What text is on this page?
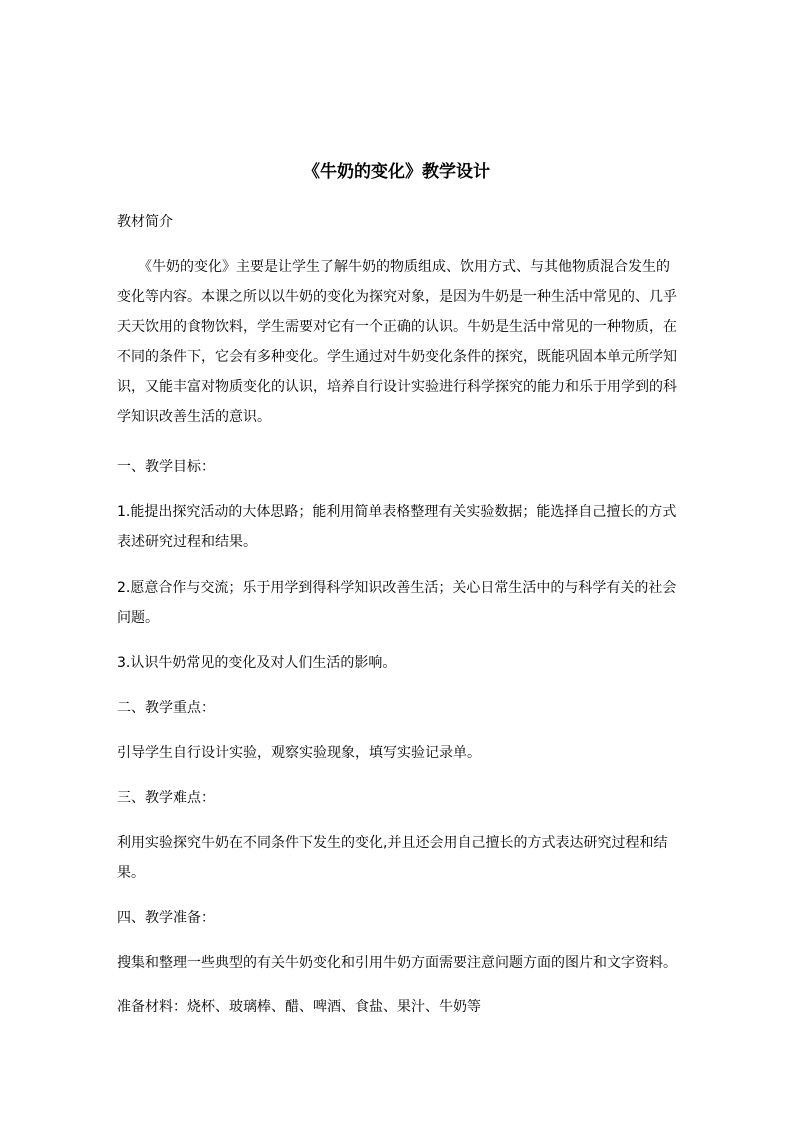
《牛奶的变化》教学设计

教材简介

　　《牛奶的变化》主要是让学生了解牛奶的物质组成、饮用方式、与其他物质混合发生的
变化等内容。本课之所以以牛奶的变化为探究对象，是因为牛奶是一种生活中常见的、几乎
天天饮用的食物饮料，学生需要对它有一个正确的认识。牛奶是生活中常见的一种物质，在
不同的条件下，它会有多种变化。学生通过对牛奶变化条件的探究，既能巩固本单元所学知
识，又能丰富对物质变化的认识，培养自行设计实验进行科学探究的能力和乐于用学到的科
学知识改善生活的意识。

一、教学目标：

1.能提出探究活动的大体思路；能利用简单表格整理有关实验数据；能选择自己擅长的方式
表述研究过程和结果。
2.愿意合作与交流；乐于用学到得科学知识改善生活；关心日常生活中的与科学有关的社会
问题。

3.认识牛奶常见的变化及对人们生活的影响。

二、教学重点：

引导学生自行设计实验，观察实验现象，填写实验记录单。

三、教学难点：

利用实验探究牛奶在不同条件下发生的变化,并且还会用自己擅长的方式表达研究过程和结
果。

四、教学准备：

搜集和整理一些典型的有关牛奶变化和引用牛奶方面需要注意问题方面的图片和文字资料。

准备材料：烧杯、玻璃棒、醋、啤酒、食盐、果汁、牛奶等
